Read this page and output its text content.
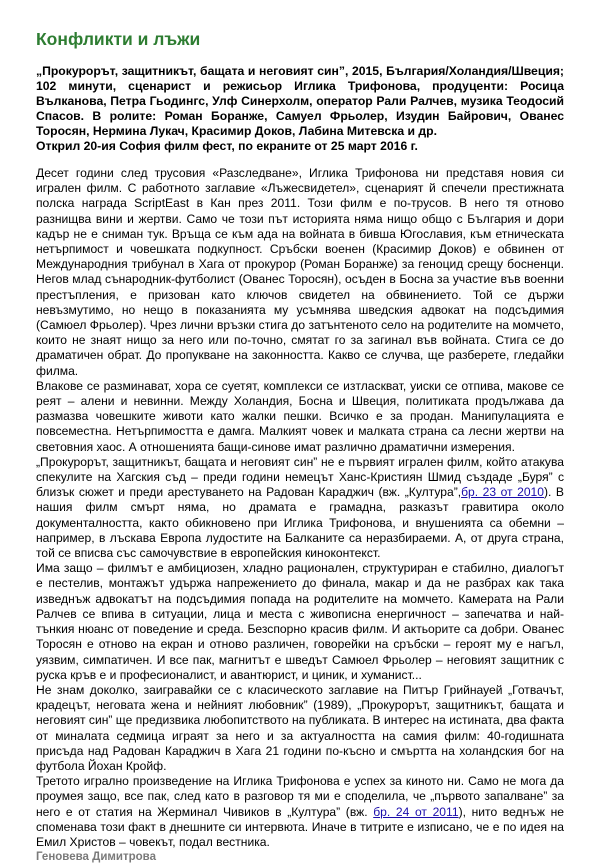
Конфликти и лъжи

„Прокурорът, защитникът, бащата и неговият син”, 2015, България/Холандия/Швеция; 102 минути, сценарист и режисьор Иглика Трифонова, продуценти: Росица Вълканова, Петра Гьодингс, Улф Синерхолм, оператор Рали Ралчев, музика Теодосий Спасов. В ролите: Роман Боранже, Самуел Фрьолер, Изудин Байрович, Ованес Торосян, Нермина Лукач, Красимир Доков, Лабина Митевска и др.
Открил 20-ия София филм фест, по екраните от 25 март 2016 г.

Десет години след трусовия «Разследване», Иглика Трифонова ни представя новия си игрален филм. С работното заглавие «Лъжесвидетел», сценарият й спечели престижната полска награда ScriptEast в Кан през 2011. Този филм е по-трусов. В него тя отново разнищва вини и жертви. Само че този път историята няма нищо общо с България и дори кадър не е сниман тук. Връща се към ада на войната в бивша Югославия, към етническата нетърпимост и човешката подкупност. Сръбски военен (Красимир Доков) е обвинен от Международния трибунал в Хага от прокурор (Роман Боранже) за геноцид срещу босненци. Негов млад сънародник-футболист (Ованес Торосян), осъден в Босна за участие във военни престъпления, е призован като ключов свидетел на обвинението. Той се държи невъзмутимо, но нещо в показанията му усъмнява шведския адвокат на подсъдимия (Самюел Фрьолер). Чрез лични връзки стига до затънтеното село на родителите на момчето, които не знаят нищо за него или по-точно, смятат го за загинал във войната. Стига се до драматичен обрат. До пропукване на законността. Какво се случва, ще разберете, гледайки филма.

Влакове се разминават, хора се суетят, комплекси се изтласкват, уиски се отпива, макове се реят – алени и невинни. Между Холандия, Босна и Швеция, политиката продължава да размазва човешките животи като жалки пешки. Всичко е за продан. Манипулацията е повсеместна. Нетърпимостта е дамга. Малкият човек и малката страна са лесни жертви на световния хаос. А отношенията бащи-синове имат различно драматични измерения.

„Прокурорът, защитникът, бащата и неговият син” не е първият игрален филм, който атакува спекулите на Хагския съд – преди години немецът Ханс-Кристиян Шмид създаде „Буря” с близък сюжет и преди арестуването на Радован Караджич (вж. „Култура”,бр. 23 от 2010). В нашия филм смърт няма, но драмата е грамадна, разказът гравитира около документалността, както обикновено при Иглика Трифонова, и внушенията са обемни – например, в лъскава Европа лудостите на Балканите са неразбираеми. А, от друга страна, той се вписва със самочувствие в европейския киноконтекст.

Има защо – филмът е амбициозен, хладно рационален, структуриран е стабилно, диалогът е пестелив, монтажът удържа напрежението до финала, макар и да не разбрах как така изведнъж адвокатът на подсъдимия попада на родителите на момчето. Камерата на Рали Ралчев се впива в ситуации, лица и места с живописна енергичност – запечатва и най-тънкия нюанс от поведение и среда. Безспорно красив филм. И актьорите са добри. Ованес Торосян е отново на екран и отново различен, говорейки на сръбски – героят му е нагъл, уязвим, симпатичен. И все пак, магнитът е шведът Самюел Фрьолер – неговият защитник с руска кръв е и професионалист, и авантюрист, и циник, и хуманист...

Не знам доколко, заигравайки се с класическото заглавие на Питър Грийнауей „Готвачът, крадецът, неговата жена и нейният любовник” (1989), „Прокурорът, защитникът, бащата и неговият син” ще предизвика любопитството на публиката. В интерес на истината, два факта от миналата седмица играят за него и за актуалността на самия филм: 40-годишната присъда над Радован Караджич в Хага 21 години по-късно и смъртта на холандския бог на футбола Йохан Кройф.

Третото игрално произведение на Иглика Трифонова е успех за киното ни. Само не мога да проумея защо, все пак, след като в разговор тя ми е споделила, че „първото запалване” за него е от статия на Жерминал Чивиков в „Култура” (вж. бр. 24 от 2011), нито веднъж не споменава този факт в днешните си интервюта. Иначе в титрите е изписано, че е по идея на Емил Христов – човекът, подал вестника.

Геновева Димитрова
